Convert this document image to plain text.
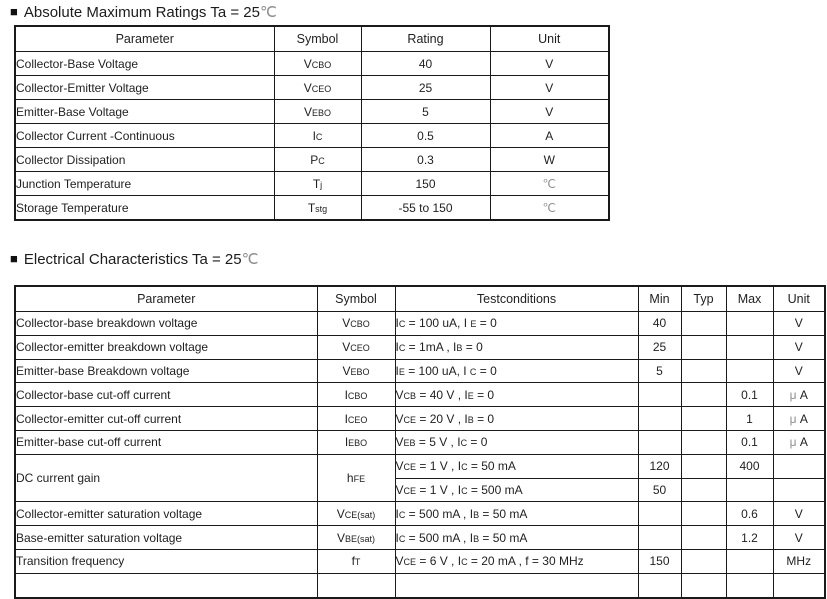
■ Absolute Maximum Ratings Ta = 25℃
Parameter	Symbol	Rating	Unit
Collector-Base Voltage	VCBO	40	V
Collector-Emitter Voltage	VCEO	25	V
Emitter-Base Voltage	VEBO	5	V
Collector Current -Continuous	IC	0.5	A
Collector Dissipation	PC	0.3	W
Junction Temperature	Tj	150	℃
Storage Temperature	Tstg	-55 to 150	℃
■ Electrical Characteristics Ta = 25℃
Parameter	Symbol	Testconditions	Min	Typ	Max	Unit
Collector-base breakdown voltage	VCBO	IC = 100 uA, I E = 0	40			V
Collector-emitter breakdown voltage	VCEO	IC = 1mA , IB = 0	25			V
Emitter-base Breakdown voltage	VEBO	IE = 100 uA, I C = 0	5			V
Collector-base cut-off current	ICBO	VCB = 40 V , IE = 0			0.1	μ A
Collector-emitter cut-off current	ICEO	VCE = 20 V , IB = 0			1	μ A
Emitter-base cut-off current	IEBO	VEB = 5 V , IC = 0			0.1	μ A
DC current gain	hFE	VCE = 1 V , IC = 50 mA	120		400	
		VCE = 1 V , IC = 500 mA	50			
Collector-emitter saturation voltage	VCE(sat)	IC = 500 mA , IB = 50 mA			0.6	V
Base-emitter saturation voltage	VBE(sat)	IC = 500 mA , IB = 50 mA			1.2	V
Transition frequency	fT	VCE = 6 V , IC = 20 mA , f = 30 MHz	150			MHz
